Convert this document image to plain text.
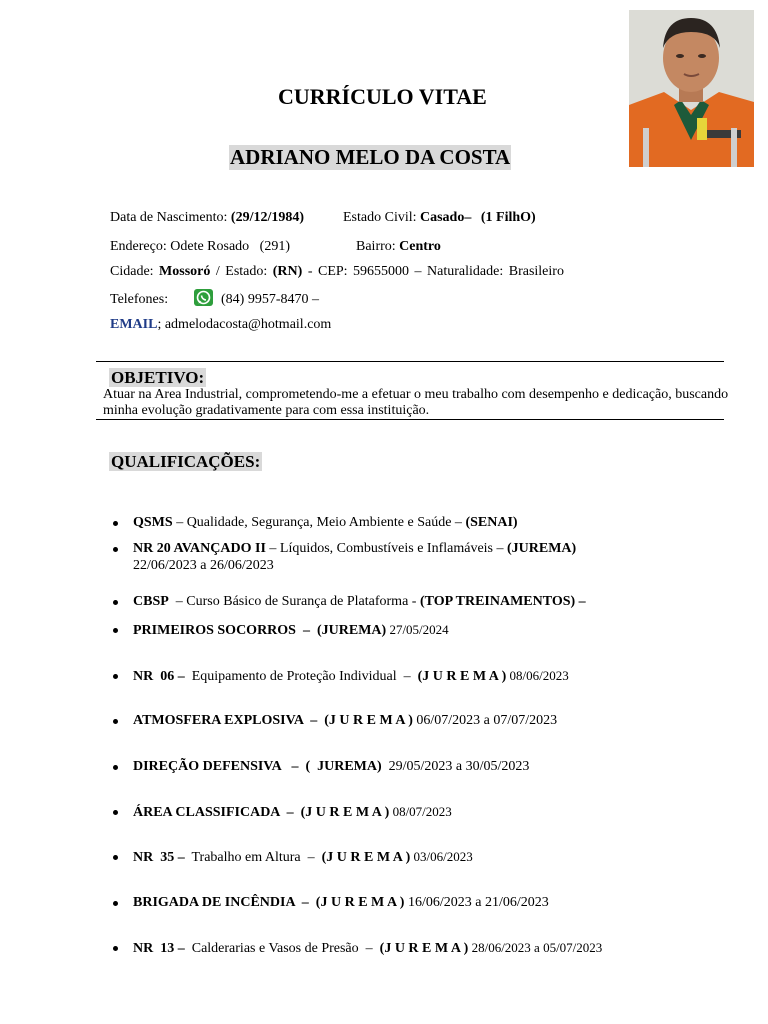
CURRÍCULO VITAE
ADRIANO MELO DA COSTA
Data de Nascimento: (29/12/1984)	Estado Civil: Casado– (1 FilhO)
Endereço: Odete Rosado   (291)	Bairro: Centro
Cidade: Mossoró / Estado: (RN) - CEP: 59655000 – Naturalidade: Brasileiro
Telefones:	(84) 9957-8470 –
EMAIL; admelodacosta@hotmail.com
OBJETIVO:
Atuar na Area Industrial, comprometendo-me a efetuar o meu trabalho com desempenho e dedicação, buscando minha evolução gradativamente para com essa instituição.
QUALIFICAÇÕES:
QSMS – Qualidade, Segurança, Meio Ambiente e Saúde – (SENAI)
NR 20 AVANÇADO II – Líquidos, Combustíveis e Inflamáveis – (JUREMA)
22/06/2023 a 26/06/2023
CBSP  – Curso Básico de Surança de Plataforma - (TOP TREINAMENTOS) –
PRIMEIROS SOCORROS  –  (JUREMA) 27/05/2024
NR  06 –  Equipamento de Proteção Individual  –  (J U R E M A ) 08/06/2023
ATMOSFERA EXPLOSIVA  –  (J U R E M A ) 06/07/2023 a 07/07/2023
DIREÇÃO DEFENSIVA   –  (  JUREMA)  29/05/2023 a 30/05/2023
ÁREA CLASSIFICADA  –  (J U R E M A ) 08/07/2023
NR  35 –  Trabalho em Altura  –  (J U R E M A ) 03/06/2023
BRIGADA DE INCÊNDIA  –  (J U R E M A ) 16/06/2023 a 21/06/2023
NR  13 –  Calderarias e Vasos de Presão  –  (J U R E M A ) 28/06/2023 a 05/07/2023
